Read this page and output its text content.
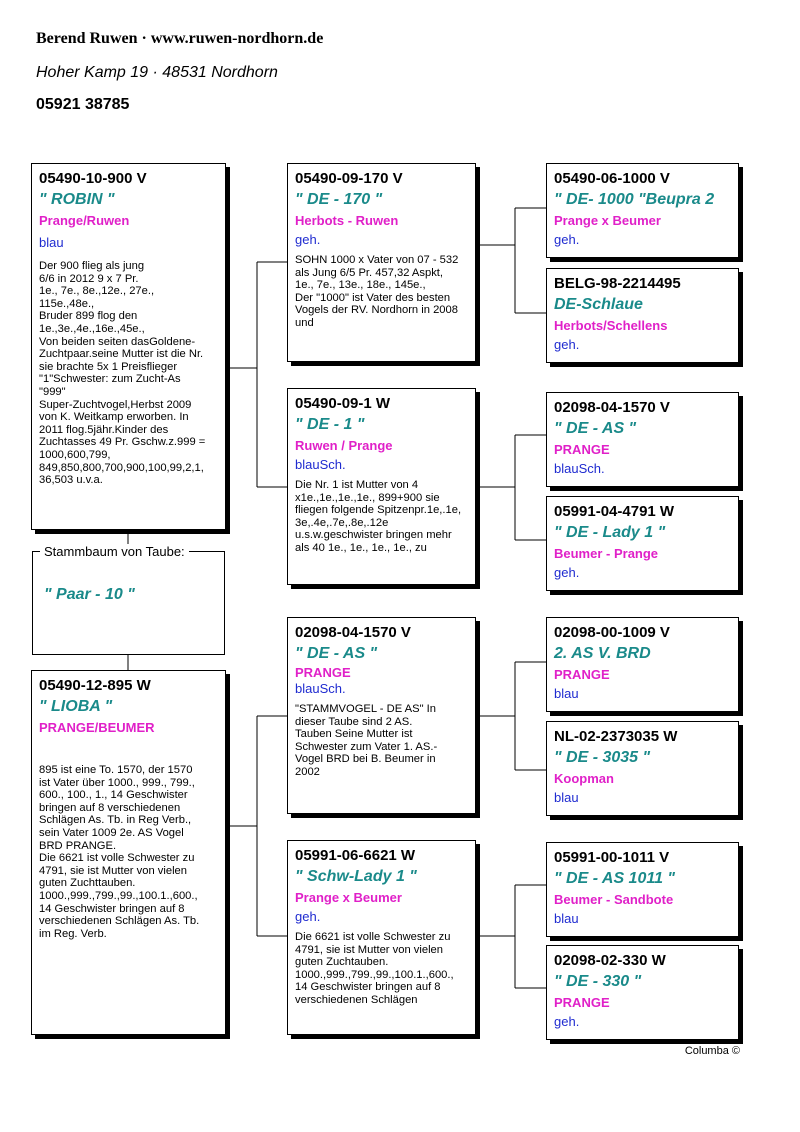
Berend Ruwen · www.ruwen-nordhorn.de
Hoher Kamp 19 · 48531 Nordhorn
05921 38785
Stammbaum von Taube:
" Paar - 10 "
05490-10-900 V
" ROBIN "
Prange/Ruwen
blau
Der 900 flieg als jung
6/6 in 2012 9 x 7 Pr.
1e., 7e., 8e.,12e., 27e.,
115e.,48e.,
Bruder 899 flog den
1e.,3e.,4e.,16e.,45e.,
Von beiden seiten dasGoldene-
Zuchtpaar.seine Mutter ist die Nr.
sie brachte 5x 1 Preisflieger
"1"Schwester: zum Zucht-As
"999"
Super-Zuchtvogel,Herbst 2009
von K. Weitkamp erworben. In
2011 flog.5jähr.Kinder des
Zuchtasses 49 Pr. Gschw.z.999 =
1000,600,799,
849,850,800,700,900,100,99,2,1,
36,503 u.v.a.
05490-12-895 W
" LIOBA "
PRANGE/BEUMER
895 ist eine To. 1570, der 1570
ist Vater über 1000., 999., 799.,
600., 100., 1., 14 Geschwister
bringen auf 8 verschiedenen
Schlägen As. Tb. in Reg Verb.,
sein Vater 1009 2e. AS Vogel
BRD PRANGE.
Die 6621 ist volle Schwester zu
4791, sie ist Mutter von vielen
guten Zuchttauben.
1000.,999.,799.,99.,100.1.,600.,
14 Geschwister bringen auf 8
verschiedenen Schlägen As. Tb.
im Reg. Verb.
05490-09-170 V
" DE - 170 "
Herbots - Ruwen
geh.
SOHN 1000 x Vater von 07 - 532
als Jung 6/5 Pr. 457,32 Aspkt,
1e., 7e., 13e., 18e., 145e.,
Der "1000" ist Vater des besten
Vogels der RV. Nordhorn in 2008
und
05490-09-1 W
" DE - 1 "
Ruwen / Prange
blauSch.
Die Nr. 1 ist Mutter von 4
x1e.,1e.,1e.,1e., 899+900 sie
fliegen folgende Spitzenpr.1e,.1e,
3e,.4e,.7e,.8e,.12e
u.s.w.geschwister bringen mehr
als 40 1e., 1e., 1e., 1e., zu
02098-04-1570 V
" DE - AS "
PRANGE
blauSch.
"STAMMVOGEL - DE AS" In
dieser Taube sind 2 AS.
Tauben Seine Mutter ist
Schwester zum Vater 1. AS.-
Vogel BRD bei B. Beumer in
2002
05991-06-6621 W
" Schw-Lady 1 "
Prange x Beumer
geh.
Die 6621 ist volle Schwester zu
4791, sie ist Mutter von vielen
guten Zuchtauben.
1000.,999.,799.,99.,100.1.,600.,
14 Geschwister bringen auf 8
verschiedenen Schlägen
05490-06-1000 V
" DE- 1000 "Beupra 2
Prange x Beumer
geh.
BELG-98-2214495
DE-Schlaue
Herbots/Schellens
geh.
02098-04-1570 V
" DE - AS "
PRANGE
blauSch.
05991-04-4791 W
" DE - Lady 1 "
Beumer - Prange
geh.
02098-00-1009 V
2. AS V. BRD
PRANGE
blau
NL-02-2373035 W
" DE - 3035 "
Koopman
blau
05991-00-1011 V
" DE - AS 1011 "
Beumer - Sandbote
blau
02098-02-330 W
" DE - 330 "
PRANGE
geh.
Columba ©
